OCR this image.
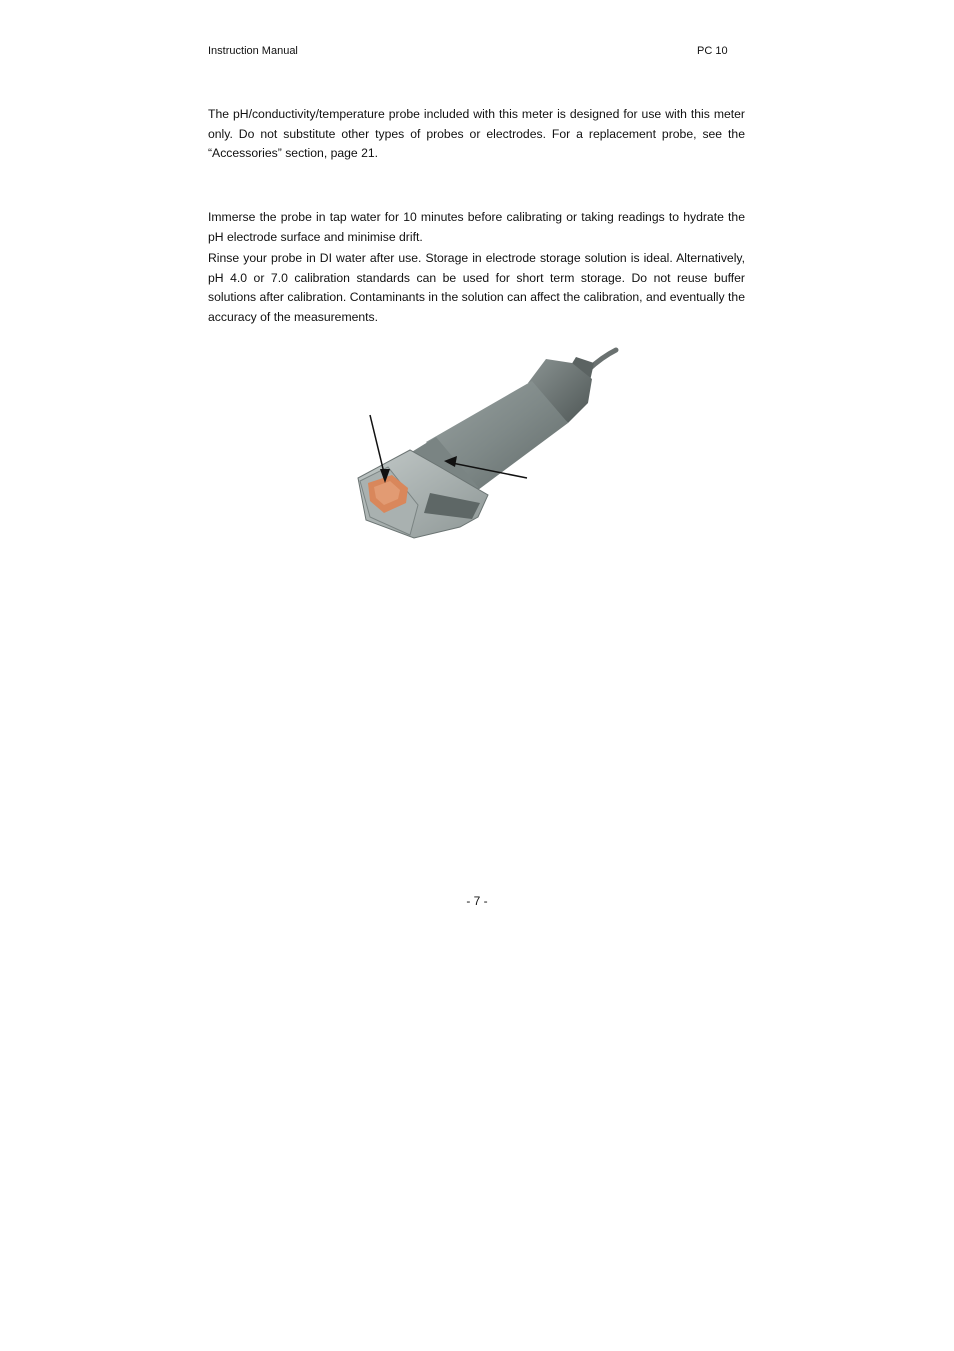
Instruction Manual	PC 10

The pH/conductivity/temperature probe included with this meter is designed for use with this meter only. Do not substitute other types of probes or electrodes. For a replacement probe, see the “Accessories” section, page 21.

Immerse the probe in tap water for 10 minutes before calibrating or taking readings to hydrate the pH electrode surface and minimise drift.

Rinse your probe in DI water after use. Storage in electrode storage solution is ideal. Alternatively, pH 4.0 or 7.0 calibration standards can be used for short term storage. Do not reuse buffer solutions after calibration. Contaminants in the solution can affect the calibration, and eventually the accuracy of the measurements.

- 7 -
